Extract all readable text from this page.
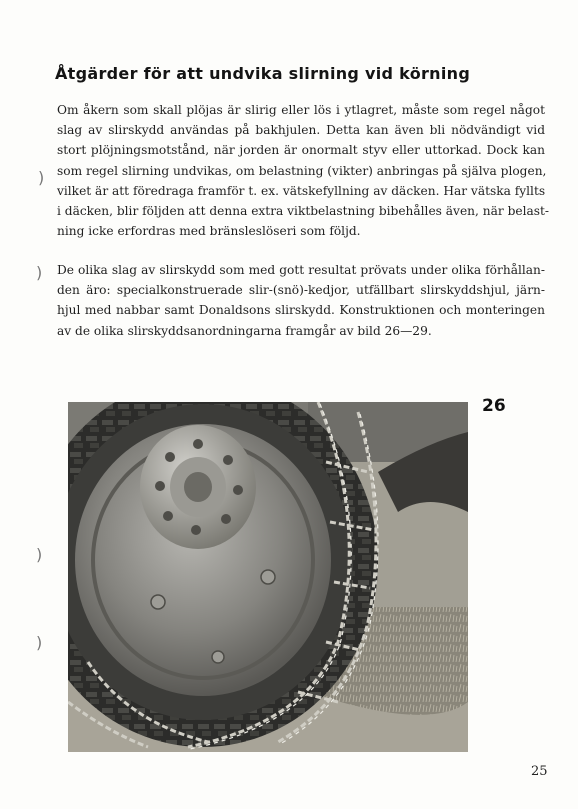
Åtgärder för att undvika slirning vid körning

Om åkern som skall plöjas är slirig eller lös i ytlagret, måste som regel något
slag av slirskydd användas på bakhjulen. Detta kan även bli nödvändigt vid
stort plöjningsmotstånd, när jorden är onormalt styv eller uttorkad. Dock kan
som regel slirning undvikas, om belastning (vikter) anbringas på själva plogen,
vilket är att föredraga framför t. ex. vätskefyllning av däcken. Har vätska fyllts
i däcken, blir följden att denna extra viktbelastning bibehålles även, när belast-
ning icke erfordras med bränsleslöseri som följd.

De olika slag av slirskydd som med gott resultat prövats under olika förhållan-
den äro: specialkonstruerade slir-(snö)-kedjor, utfällbart slirskyddshjul, järn-
hjul med nabbar samt Donaldsons slirskydd. Konstruktionen och monteringen
av de olika slirskyddsanordningarna framgår av bild 26—29.

)
)
)
)
26
25
